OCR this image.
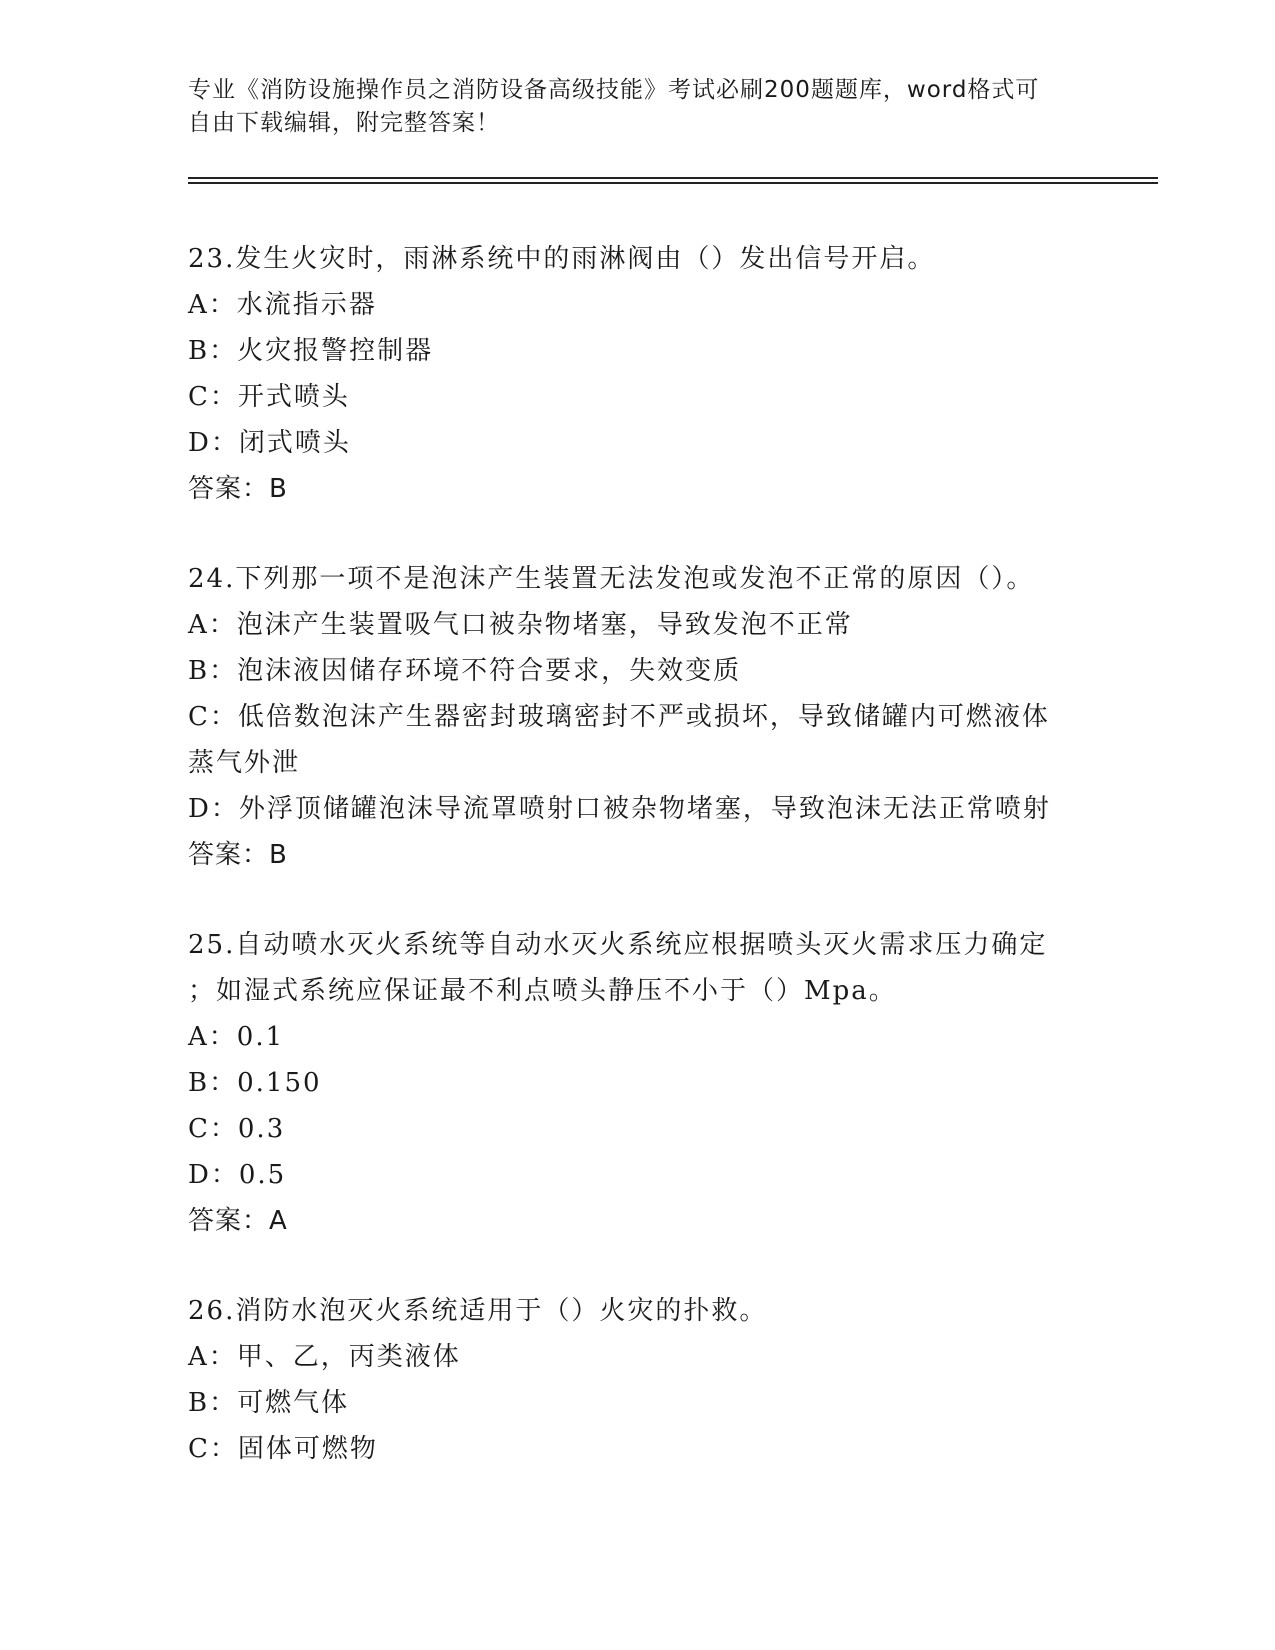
专业《消防设施操作员之消防设备高级技能》考试必刷200题题库，word格式可
自由下载编辑，附完整答案！
23.发生火灾时，雨淋系统中的雨淋阀由（）发出信号开启。
A：水流指示器
B：火灾报警控制器
C：开式喷头
D：闭式喷头
答案：B
24.下列那一项不是泡沫产生装置无法发泡或发泡不正常的原因（）。
A：泡沫产生装置吸气口被杂物堵塞，导致发泡不正常
B：泡沫液因储存环境不符合要求，失效变质
C：低倍数泡沫产生器密封玻璃密封不严或损坏，导致储罐内可燃液体
蒸气外泄
D：外浮顶储罐泡沫导流罩喷射口被杂物堵塞，导致泡沫无法正常喷射
答案：B
25.自动喷水灭火系统等自动水灭火系统应根据喷头灭火需求压力确定
；如湿式系统应保证最不利点喷头静压不小于（）Mpa。
A：0.1
B：0.150
C：0.3
D：0.5
答案：A
26.消防水泡灭火系统适用于（）火灾的扑救。
A：甲、乙，丙类液体
B：可燃气体
C：固体可燃物
